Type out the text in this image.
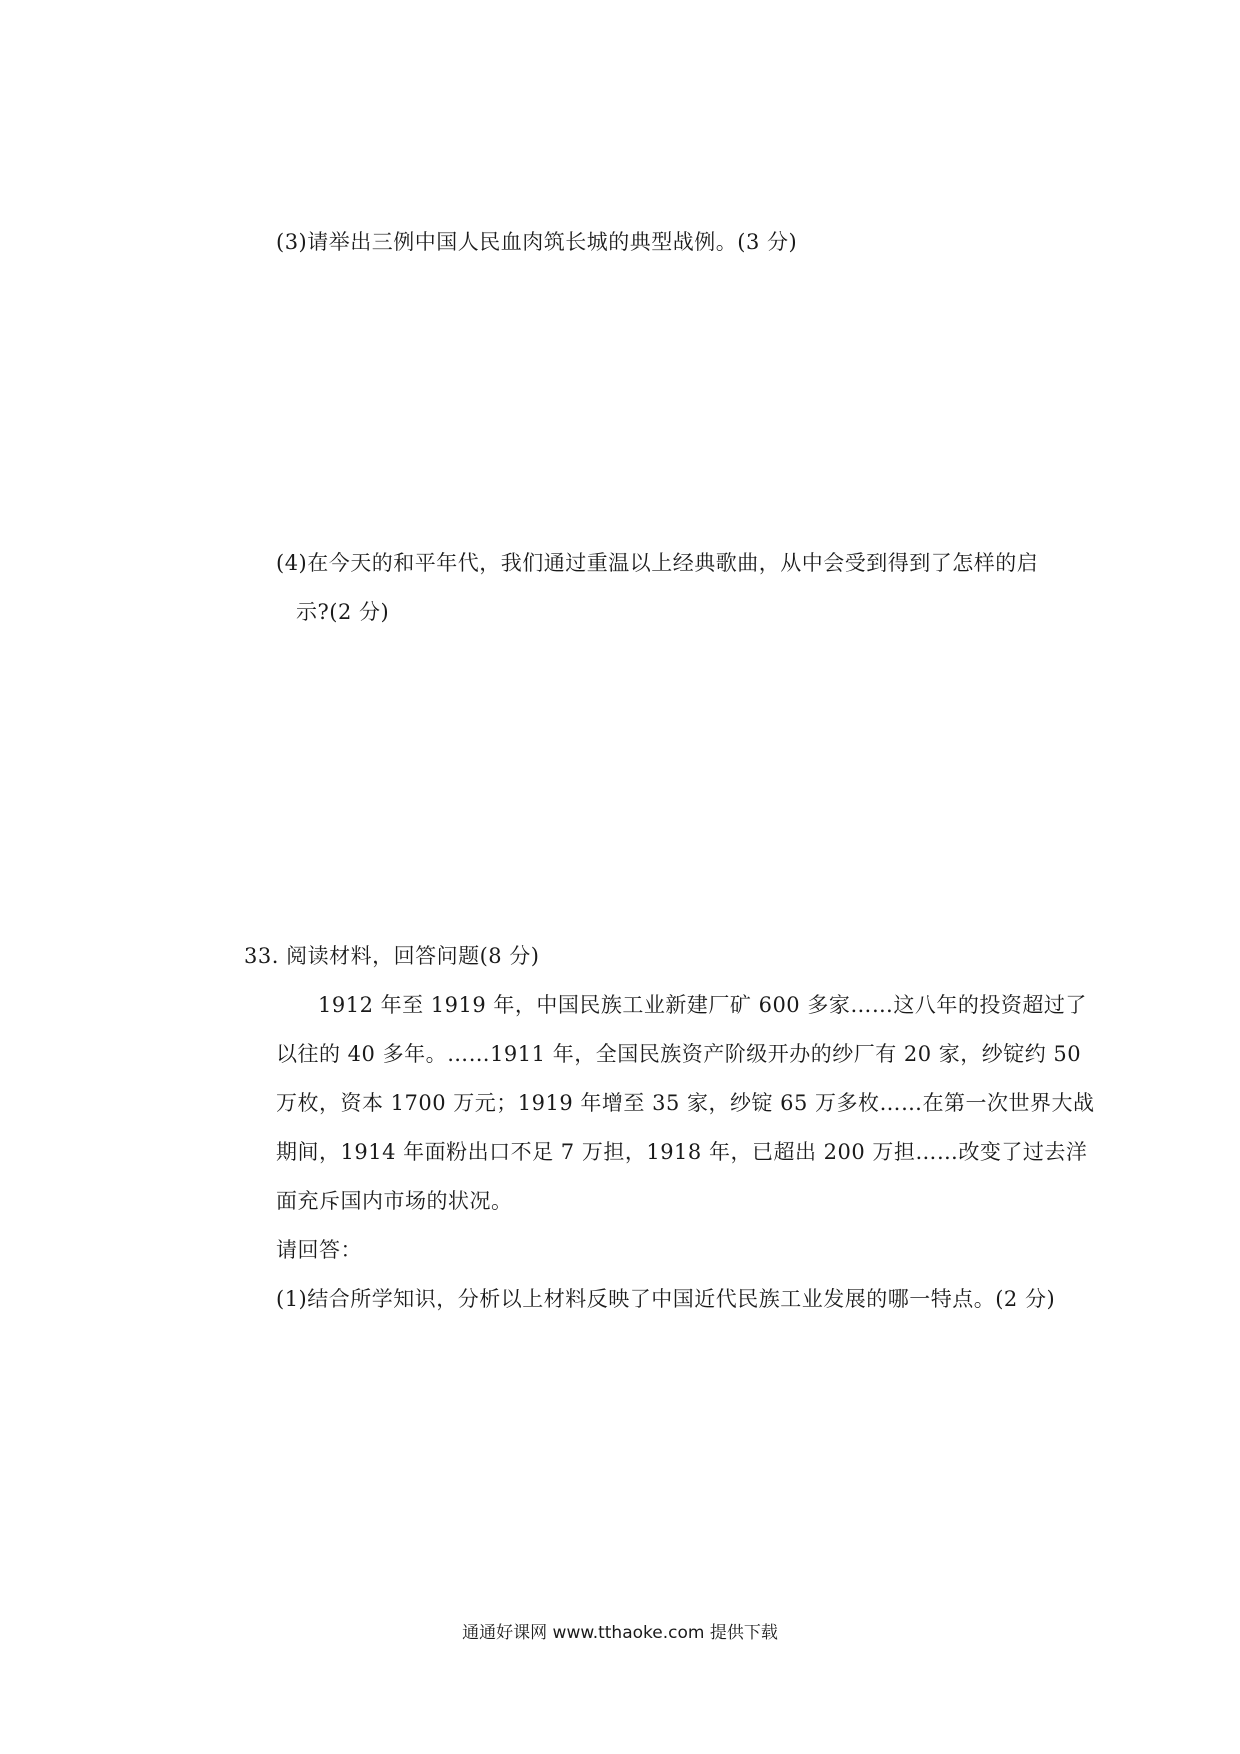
(3)请举出三例中国人民血肉筑长城的典型战例。(3 分)
(4)在今天的和平年代，我们通过重温以上经典歌曲，从中会受到得到了怎样的启
示?(2 分)
33. 阅读材料，回答问题(8 分)
1912 年至 1919 年，中国民族工业新建厂矿 600 多家……这八年的投资超过了
以往的 40 多年。……1911 年，全国民族资产阶级开办的纱厂有 20 家，纱锭约 50
万枚，资本 1700 万元；1919 年增至 35 家，纱锭 65 万多枚……在第一次世界大战
期间，1914 年面粉出口不足 7 万担，1918 年，已超出 200 万担……改变了过去洋
面充斥国内市场的状况。
请回答：
(1)结合所学知识，分析以上材料反映了中国近代民族工业发展的哪一特点。(2 分)
通通好课网 www.tthaoke.com 提供下载
